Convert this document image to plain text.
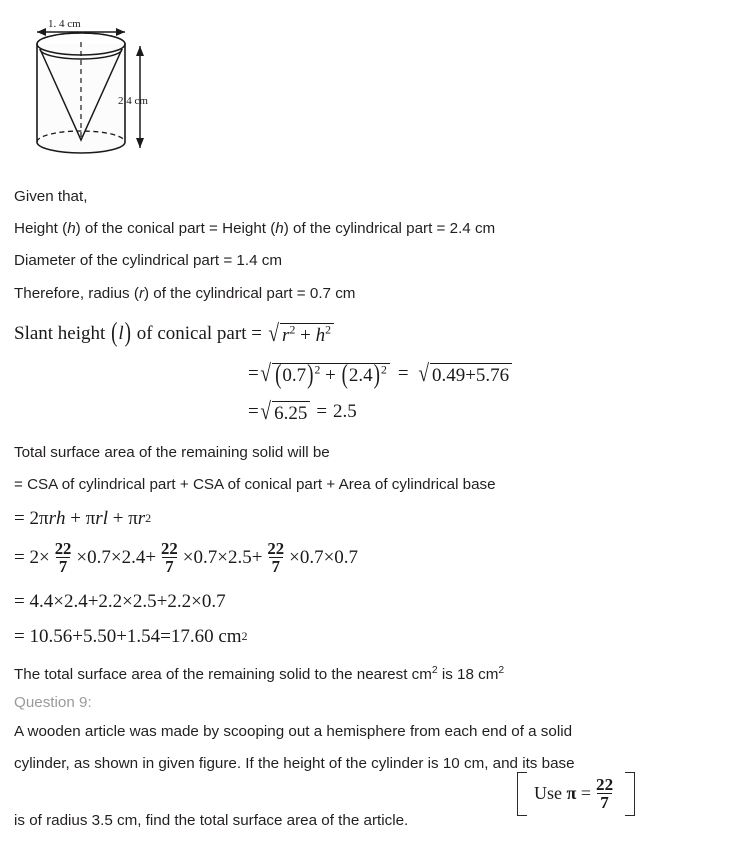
1. 4 cm
2.4 cm
Given that,
Height (h) of the conical part = Height (h) of the cylindrical part = 2.4 cm
Diameter of the cylindrical part = 1.4 cm
Therefore, radius (r) of the cylindrical part = 0.7 cm
Slant height
( l )
of conical part
=
√ $r^2 + h^2$
= √ $(0.7)^2 + (2.4)^2$ = √ 0.49+5.76
= √ 6.25 = 2.5
Total surface area of the remaining solid will be
= CSA of cylindrical part + CSA of conical part + Area of cylindrical base
=
2 π r h
+
π r l
+
π r 2
=
$2 \times \frac{22}{7} \times 0.7 \times 2.4 + \frac{22}{7} \times 0.7 \times 2.5 + \frac{22}{7} \times 0.7 \times 0.7$
=
4.4 × 2.4 + 2.2 × 2.5 + 2.2 × 0.7
=
10.56 + 5.50 + 1.54 = 17.60
cm 2
The total surface area of the remaining solid to the nearest $cm^2$ is 18 $cm^2$
Question 9:
A wooden article was made by scooping out a hemisphere from each end of a solid
cylinder, as shown in given figure. If the height of the cylinder is 10 cm, and its base
is of radius 3.5 cm, find the total surface area of the article.
Use
π
= $\frac{22}{7}$
